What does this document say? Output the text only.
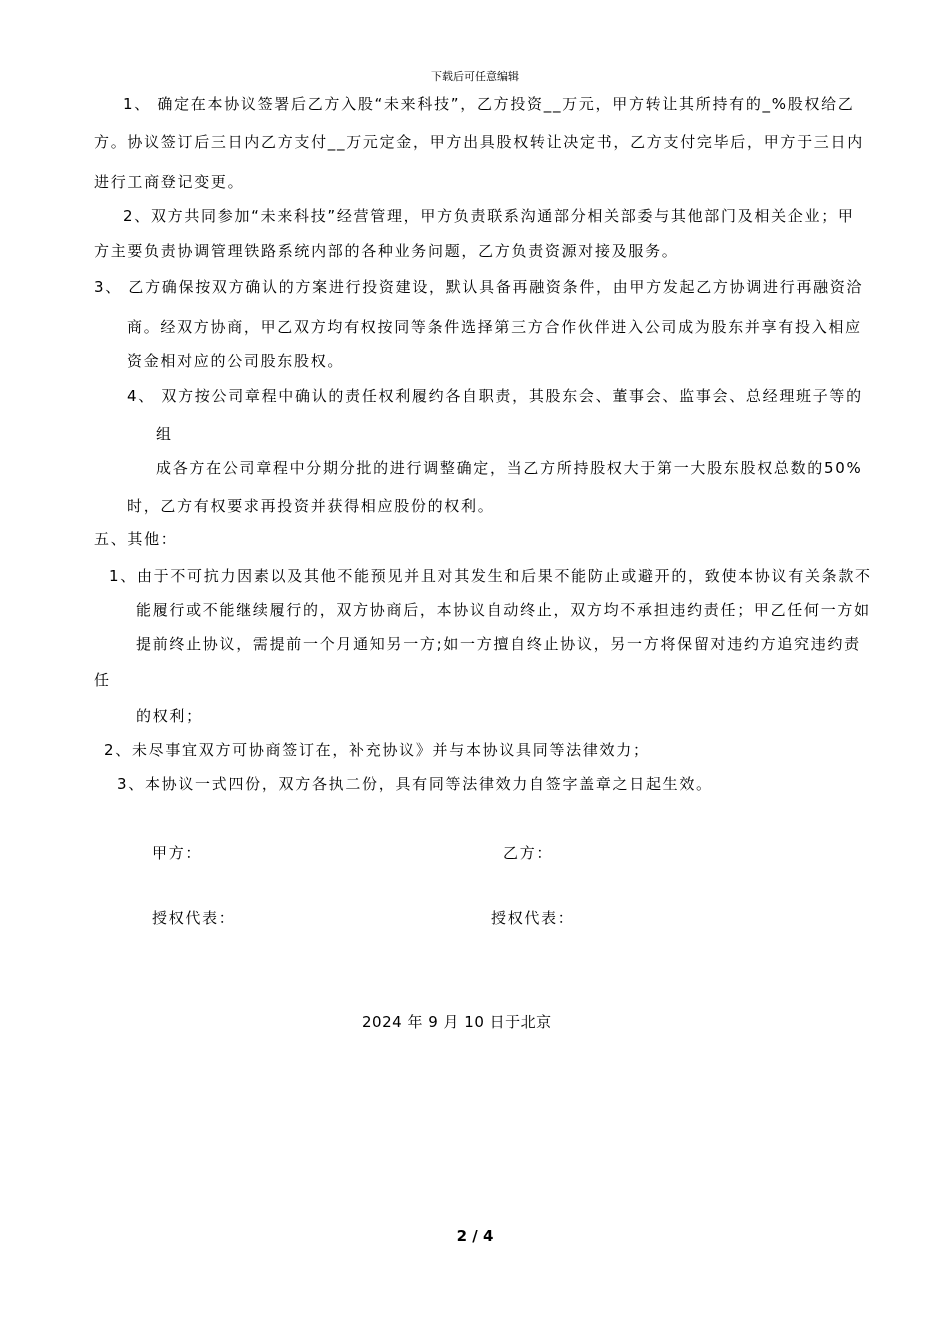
下载后可任意编辑
1、 确定在本协议签署后乙方入股“未来科技”，乙方投资__万元，甲方转让其所持有的_%股权给乙
方。协议签订后三日内乙方支付__万元定金，甲方出具股权转让决定书，乙方支付完毕后，甲方于三日内
进行工商登记变更。
2、双方共同参加“未来科技”经营管理，甲方负责联系沟通部分相关部委与其他部门及相关企业；甲
方主要负责协调管理铁路系统内部的各种业务问题，乙方负责资源对接及服务。
3、 乙方确保按双方确认的方案进行投资建设，默认具备再融资条件，由甲方发起乙方协调进行再融资洽
商。经双方协商，甲乙双方均有权按同等条件选择第三方合作伙伴进入公司成为股东并享有投入相应
资金相对应的公司股东股权。
4、 双方按公司章程中确认的责任权利履约各自职责，其股东会、董事会、监事会、总经理班子等的
组
成各方在公司章程中分期分批的进行调整确定，当乙方所持股权大于第一大股东股权总数的50%
时，乙方有权要求再投资并获得相应股份的权利。
五、其他：
1、由于不可抗力因素以及其他不能预见并且对其发生和后果不能防止或避开的，致使本协议有关条款不
能履行或不能继续履行的，双方协商后，本协议自动终止，双方均不承担违约责任；甲乙任何一方如
提前终止协议，需提前一个月通知另一方;如一方擅自终止协议，另一方将保留对违约方追究违约责
任
的权利；
2、未尽事宜双方可协商签订在，补充协议》并与本协议具同等法律效力；
3、本协议一式四份，双方各执二份，具有同等法律效力自签字盖章之日起生效。
甲方：	乙方：
授权代表：	授权代表：
2024 年 9 月 10 日于北京
2 / 4
